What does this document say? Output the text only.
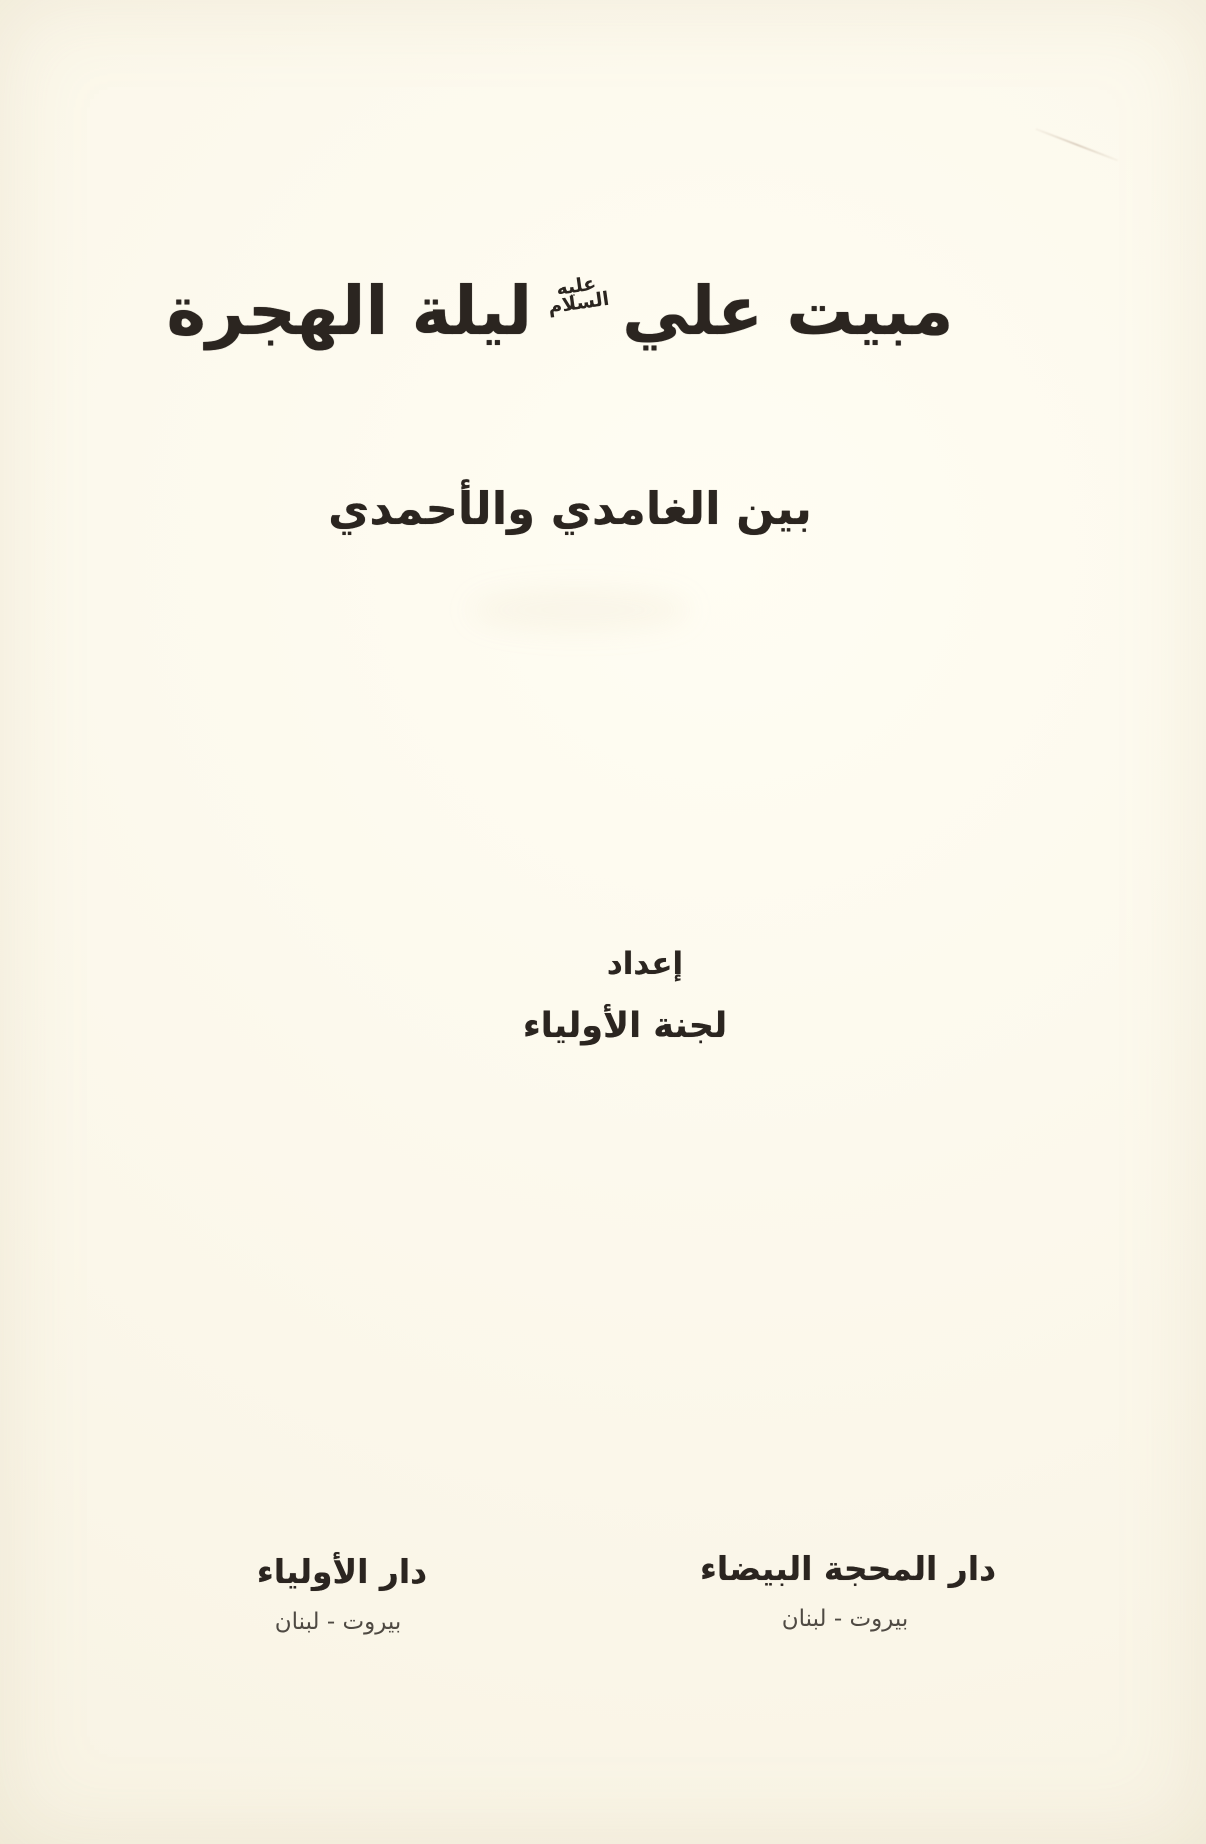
مبيت علي
عليه السلام
ليلة الهجرة
بين الغامدي والأحمدي
إعداد
لجنة الأولياء
دار المحجة البيضاء
بيروت - لبنان
دار الأولياء
بيروت - لبنان
